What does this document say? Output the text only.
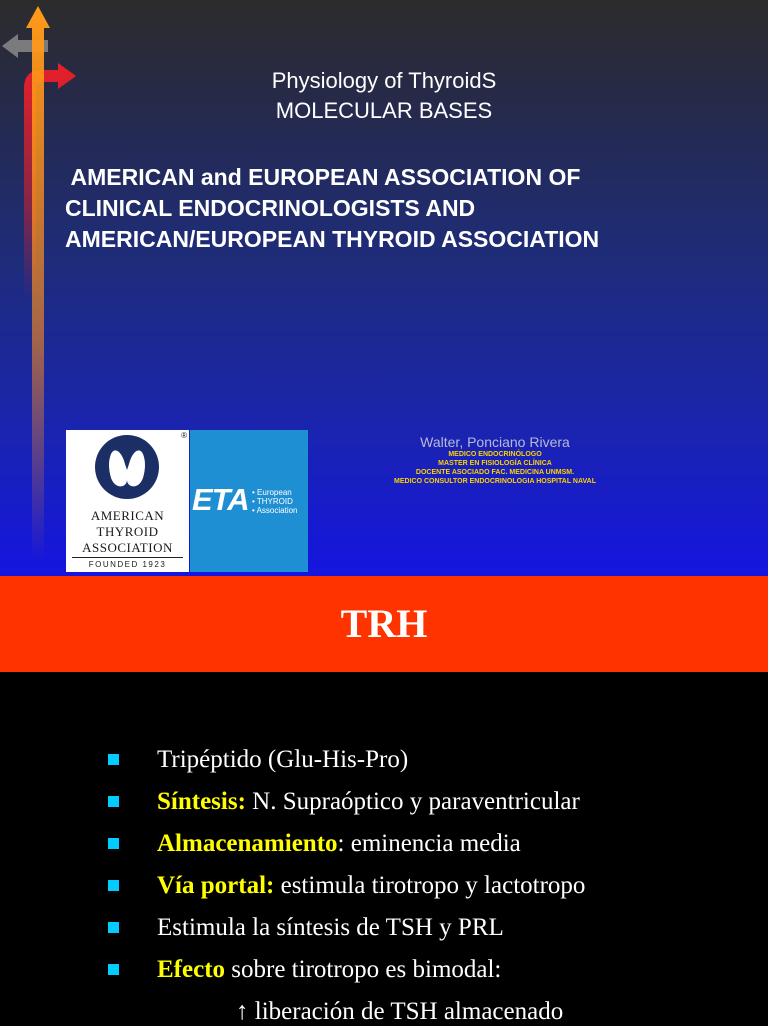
Physiology of ThyroidS
MOLECULAR BASES
AMERICAN and EUROPEAN ASSOCIATION OF
CLINICAL ENDOCRINOLOGISTS AND
AMERICAN/EUROPEAN THYROID ASSOCIATION
®
AMERICAN
THYROID
ASSOCIATION
FOUNDED 1923
ETA • European
• THYROID
• Association
Walter, Ponciano Rivera
MEDICO ENDOCRINÓLOGO
MASTER EN FISIOLOGÍA CLÍNICA
DOCENTE ASOCIADO FAC. MEDICINA UNMSM.
MEDICO CONSULTOR ENDOCRINOLOGIA HOSPITAL NAVAL
TRH
Tripéptido (Glu-His-Pro)
Síntesis: N. Supraóptico y paraventricular
Almacenamiento: eminencia media
Vía portal: estimula tirotropo y lactotropo
Estimula la síntesis de TSH y PRL
Efecto sobre tirotropo es bimodal:
↑ liberación de TSH almacenado
